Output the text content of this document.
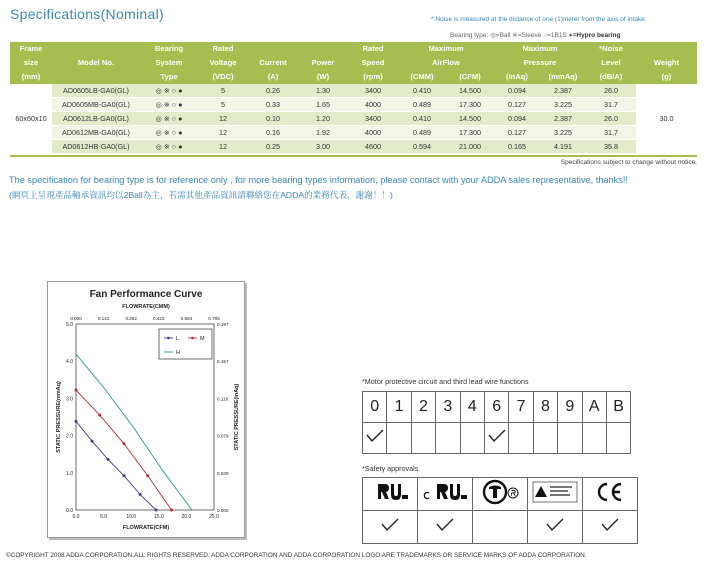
Specifications(Nominal)	*:Noise is measured at the distance of one (1)meter from the axis of intake.
Bearing type: ◎=Ball ※=Sleeve ○=1B1S ●=Hypro bearing
Frame		Bearing	Rated			Rated	Maximum		Maximum		*Noise	
size	Model No.	System	Voltage	Current	Power	Speed	AirFlow		Pressure		Level	Weight
(mm)		Type	(VDC)	(A)	(W)	(rpm)	(CMM)	(CFM)	(InAq)	(mmAq)	(dB/A)	(g)
60x60x10	AD0605LB-GA0(GL)	◎ ※ ○ ●	5	0.26	1.30	3400	0.410	14.500	0.094	2.387	26.0	30.0
	AD0605MB-GA0(GL)	◎ ※ ○ ●	5	0.33	1.65	4000	0.489	17.300	0.127	3.225	31.7	
	AD0612LB-GA0(GL)	◎ ※ ○ ●	12	0.10	1.20	3400	0.410	14.500	0.094	2.387	26.0	
	AD0612MB-GA0(GL)	◎ ※ ○ ●	12	0.16	1.92	4000	0.489	17.300	0.127	3.225	31.7	
	AD0612HB-GA0(GL)	◎ ※ ○ ●	12	0.25	3.00	4600	0.594	21.000	0.165	4.191	35.8	
Specifications subject to change without notice.
The specification for bearing type is for reference only , for more bearing types information, please contact with your ADDA sales representative, thanks!!
(網頁上呈現產品軸承資訊均以2Ball為主，若需其他產品資訊請聯絡您在ADDA的業務代表，謝謝！！)
Fan Performance Curve
FLOWRATE(CMM)
0.0
0.000
5.0
0.141
10.0
0.282
15.0
0.423
20.0
0.564
25.0
0.705
0.0	0.000
1.0	0.039
2.0	0.079
3.0	0.118
4.0	0.157
5.0	0.197
FLOWRATE(CFM)
STATIC PRESSURE(mmAq)	STATIC PRESSURE(inAq)
L	M
H
*Motor protective circuit and third lead wire functions
0	1	2	3	4	6	7	8	9	A	B

*Safety approvals

©COPYRIGHT 2008 ADDA CORPORATION.ALL RIGHTS RESERVED. ADDA CORPORATION AND ADDA CORPORATION LOGO ARE TRADEMARKS OR SERVICE MARKS OF ADDA CORPORATION.
